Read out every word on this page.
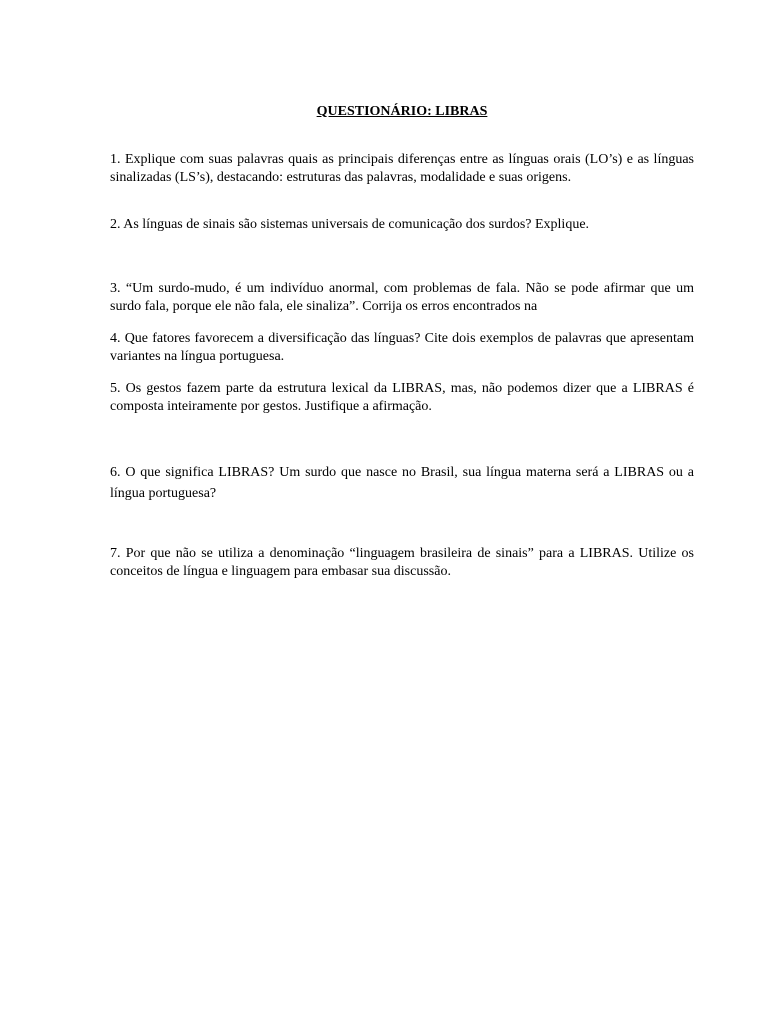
QUESTIONÁRIO: LIBRAS

1. Explique com suas palavras quais as principais diferenças entre as línguas orais (LO’s) e as línguas sinalizadas (LS’s), destacando: estruturas das palavras, modalidade e suas origens.

2. As línguas de sinais são sistemas universais de comunicação dos surdos? Explique.

3. “Um surdo-mudo, é um indivíduo anormal, com problemas de fala. Não se pode afirmar que um surdo fala, porque ele não fala, ele sinaliza”. Corrija os erros encontrados na

4. Que fatores favorecem a diversificação das línguas? Cite dois exemplos de palavras que apresentam variantes na língua portuguesa.

5. Os gestos fazem parte da estrutura lexical da LIBRAS, mas, não podemos dizer que a LIBRAS é composta inteiramente por gestos. Justifique a afirmação.

6. O que significa LIBRAS? Um surdo que nasce no Brasil, sua língua materna será a LIBRAS ou a língua portuguesa?

7. Por que não se utiliza a denominação “linguagem brasileira de sinais” para a LIBRAS. Utilize os conceitos de língua e linguagem para embasar sua discussão.
